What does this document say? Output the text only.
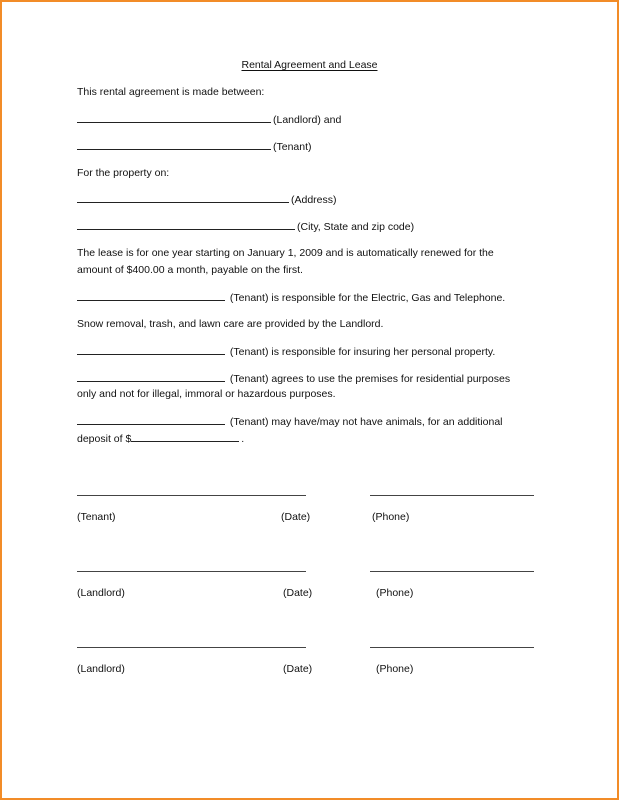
Rental Agreement and Lease
This rental agreement is made between:
(Landlord) and
(Tenant)
For the property on:
(Address)
(City, State and zip code)
The lease is for one year starting on January 1, 2009 and is automatically renewed for the
amount of $400.00 a month, payable on the first.
(Tenant) is responsible for the Electric, Gas and Telephone.
Snow removal, trash, and lawn care are provided by the Landlord.
(Tenant) is responsible for insuring her personal property.
(Tenant) agrees to use the premises for residential purposes
only and not for illegal, immoral or hazardous purposes.
(Tenant) may have/may not have animals, for an additional
deposit of $	.
(Tenant)	(Date)	(Phone)
(Landlord)	(Date)	(Phone)
(Landlord)	(Date)	(Phone)
